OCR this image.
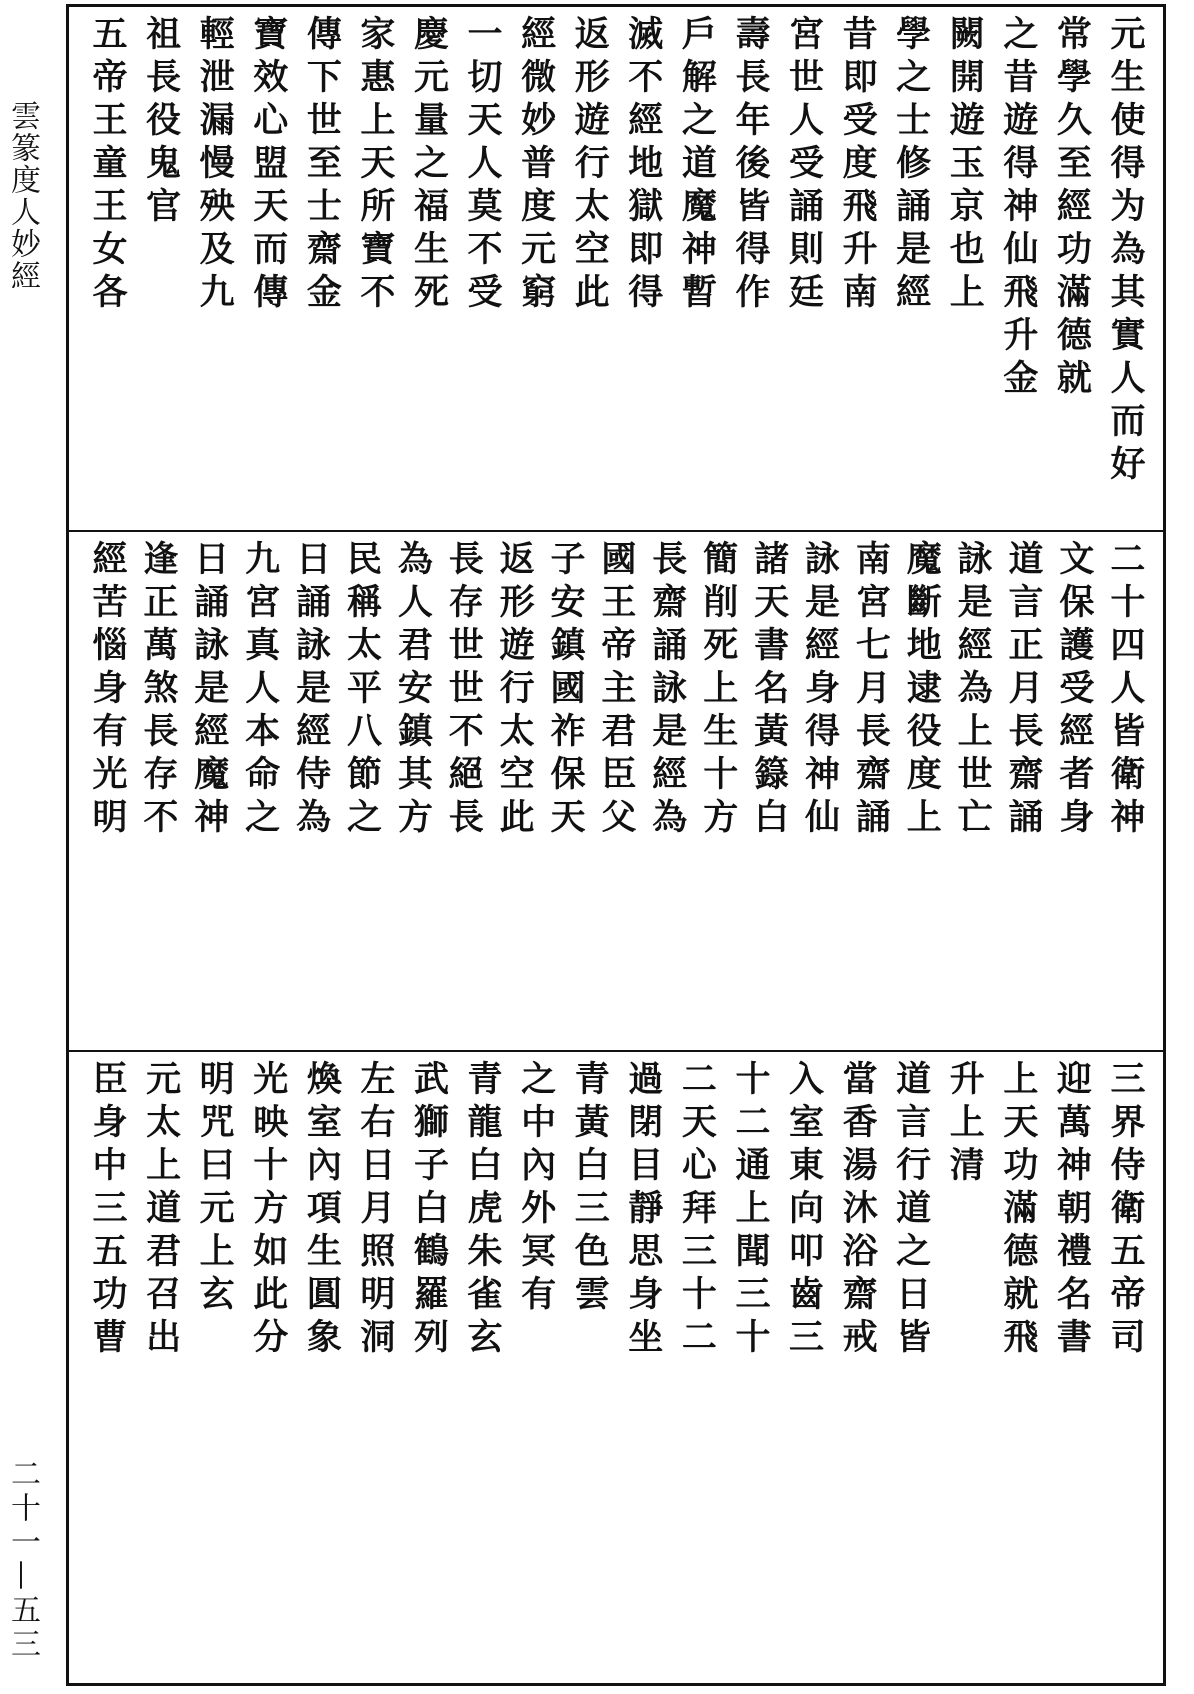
雲篆度人妙經
二十一—五三
元生使得为為其實人而好
常學久至經功滿德就
之昔遊得神仙飛升金
闕開遊玉京也上
學之士修誦是經
昔即受度飛升南
宮世人受誦則廷
壽長年後皆得作
戶解之道魔神暫
滅不經地獄即得
返形遊行太空此
經微妙普度元窮
一切天人莫不受
慶元量之福生死
家惠上天所寶不
傳下世至士齋金
寶效心盟天而傳
輕泄漏慢殃及九
祖長役鬼官
五帝王童王女各
二十四人皆衛神
文保護受經者身
道言正月長齋誦
詠是經為上世亡
魔斷地逮役度上
南宮七月長齋誦
詠是經身得神仙
諸天書名黃籙白
簡削死上生十方
長齋誦詠是經為
國王帝主君臣父
子安鎮國祚保天
返形遊行太空此
長存世世不絕長
為人君安鎮其方
民稱太平八節之
日誦詠是經侍為
九宮真人本命之
日誦詠是經魔神
逢正萬煞長存不
經苦惱身有光明
三界侍衛五帝司
迎萬神朝禮名書
上天功滿德就飛
升上清
道言行道之日皆
當香湯沐浴齋戒
入室東向叩齒三
十二通上聞三十
二天心拜三十二
過閉目靜思身坐
青黃白三色雲
之中內外冥有
青龍白虎朱雀玄
武獅子白鶴羅列
左右日月照明洞
煥室內項生圓象
光映十方如此分
明咒曰元上玄
元太上道君召出
臣身中三五功曹
